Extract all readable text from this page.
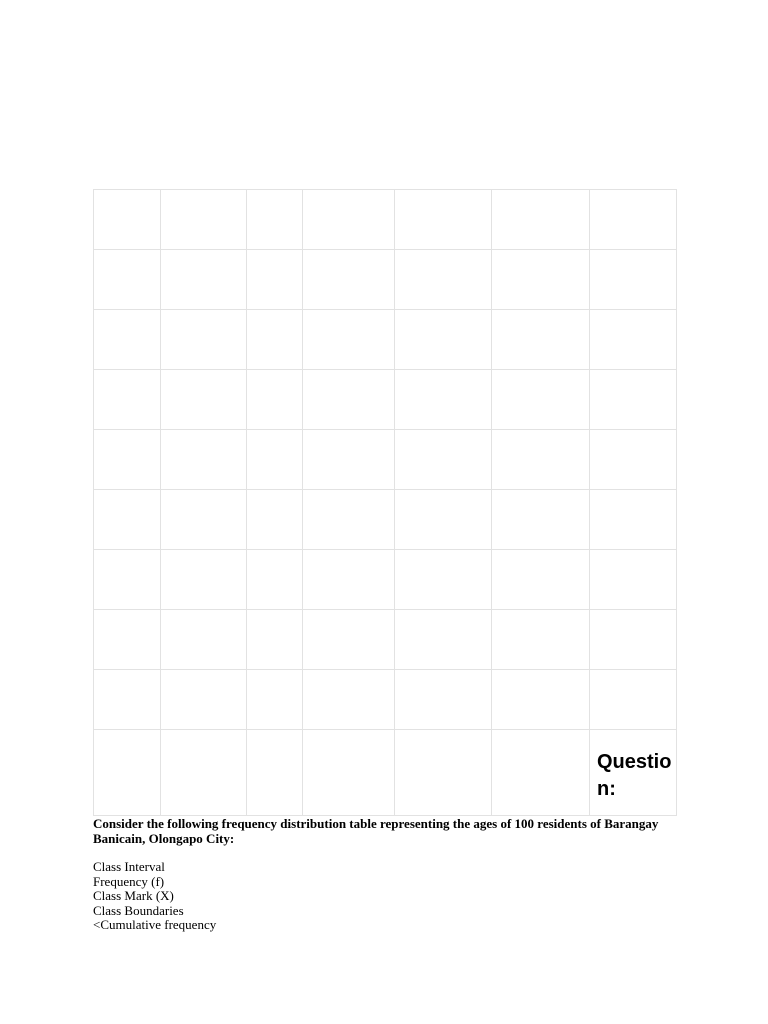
						Question:

Consider the following frequency distribution table representing the ages of 100 residents of Barangay Banicain, Olongapo City:

Class Interval
Frequency (f)
Class Mark (X)
Class Boundaries
<Cumulative frequency
